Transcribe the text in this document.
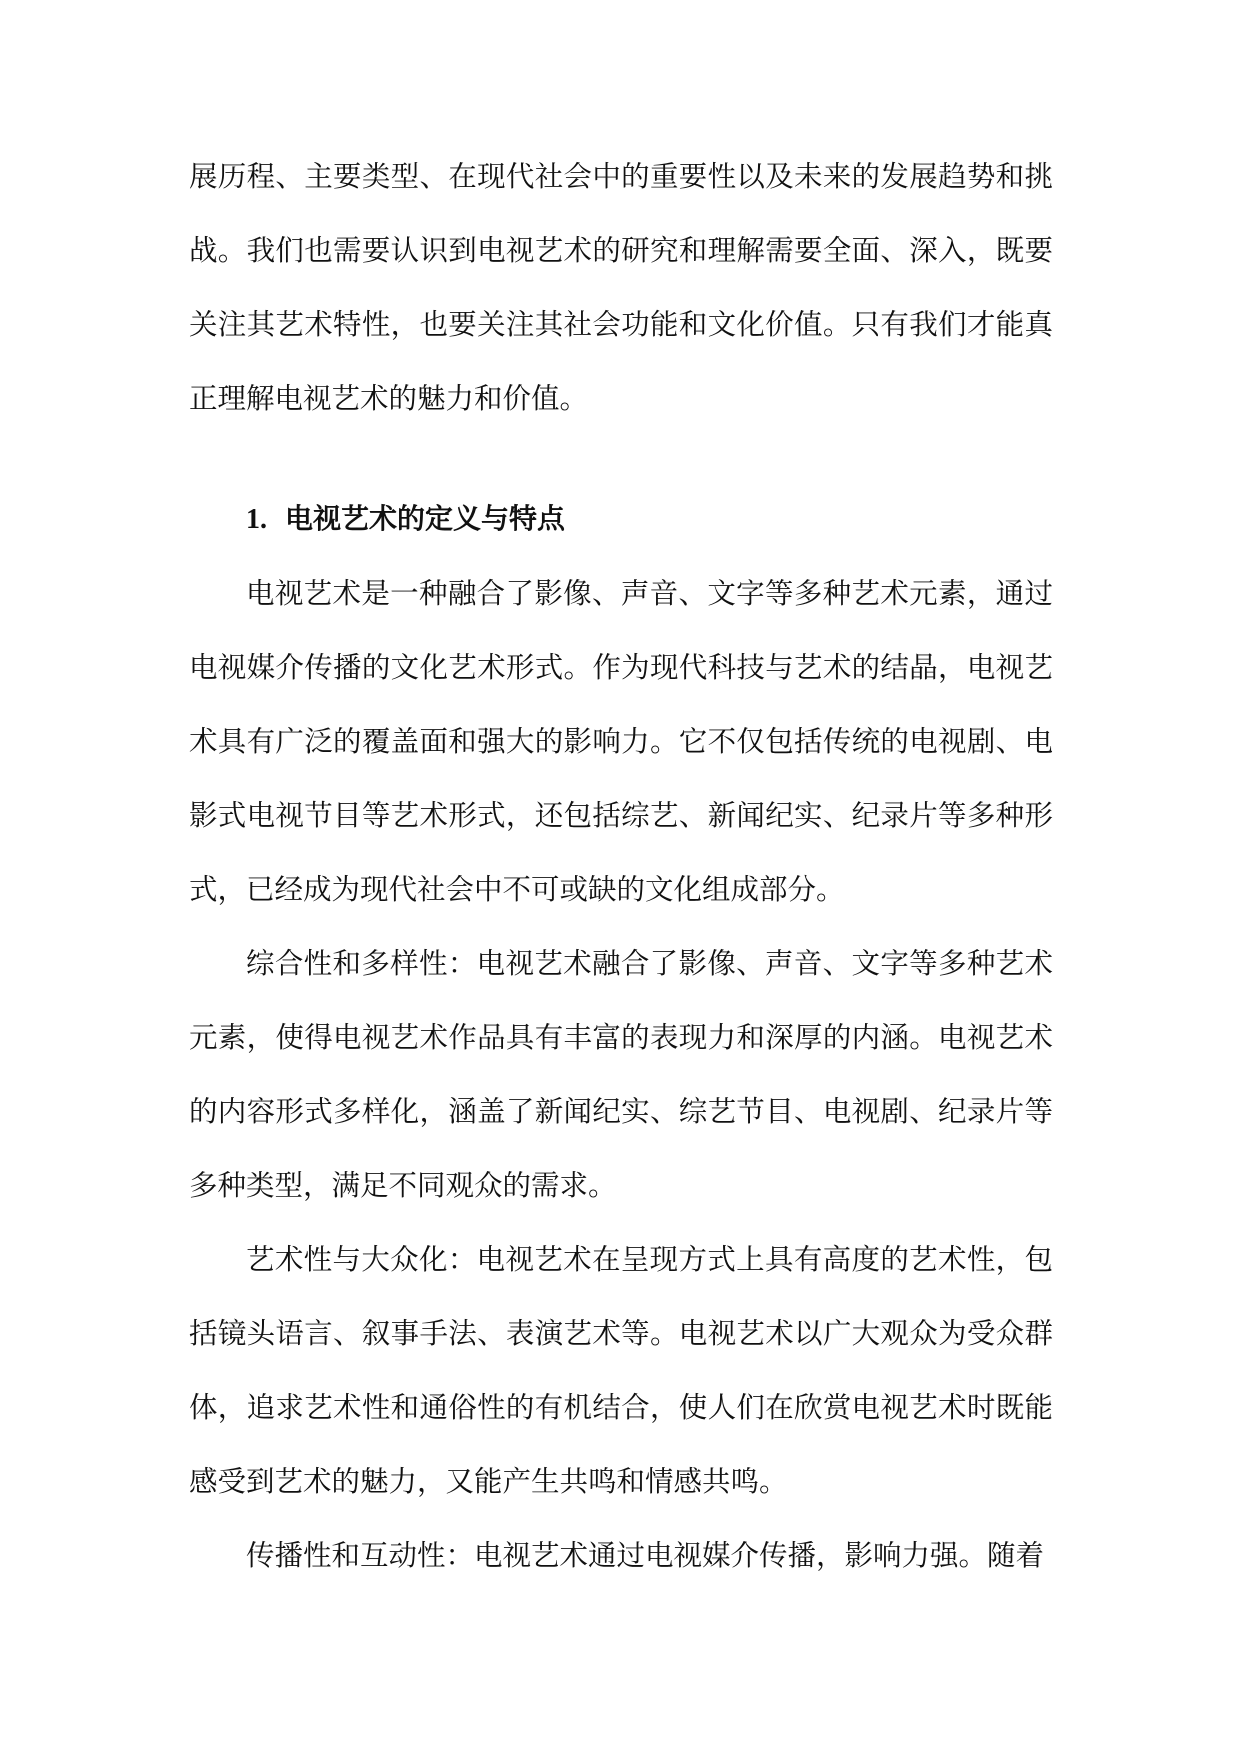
展历程、主要类型、在现代社会中的重要性以及未来的发展趋势和挑战。我们也需要认识到电视艺术的研究和理解需要全面、深入，既要关注其艺术特性，也要关注其社会功能和文化价值。只有我们才能真正理解电视艺术的魅力和价值。

1. 电视艺术的定义与特点

电视艺术是一种融合了影像、声音、文字等多种艺术元素，通过电视媒介传播的文化艺术形式。作为现代科技与艺术的结晶，电视艺术具有广泛的覆盖面和强大的影响力。它不仅包括传统的电视剧、电影式电视节目等艺术形式，还包括综艺、新闻纪实、纪录片等多种形式，已经成为现代社会中不可或缺的文化组成部分。

综合性和多样性：电视艺术融合了影像、声音、文字等多种艺术元素，使得电视艺术作品具有丰富的表现力和深厚的内涵。电视艺术的内容形式多样化，涵盖了新闻纪实、综艺节目、电视剧、纪录片等多种类型，满足不同观众的需求。

艺术性与大众化：电视艺术在呈现方式上具有高度的艺术性，包括镜头语言、叙事手法、表演艺术等。电视艺术以广大观众为受众群体，追求艺术性和通俗性的有机结合，使人们在欣赏电视艺术时既能感受到艺术的魅力，又能产生共鸣和情感共鸣。

传播性和互动性：电视艺术通过电视媒介传播，影响力强。随着
